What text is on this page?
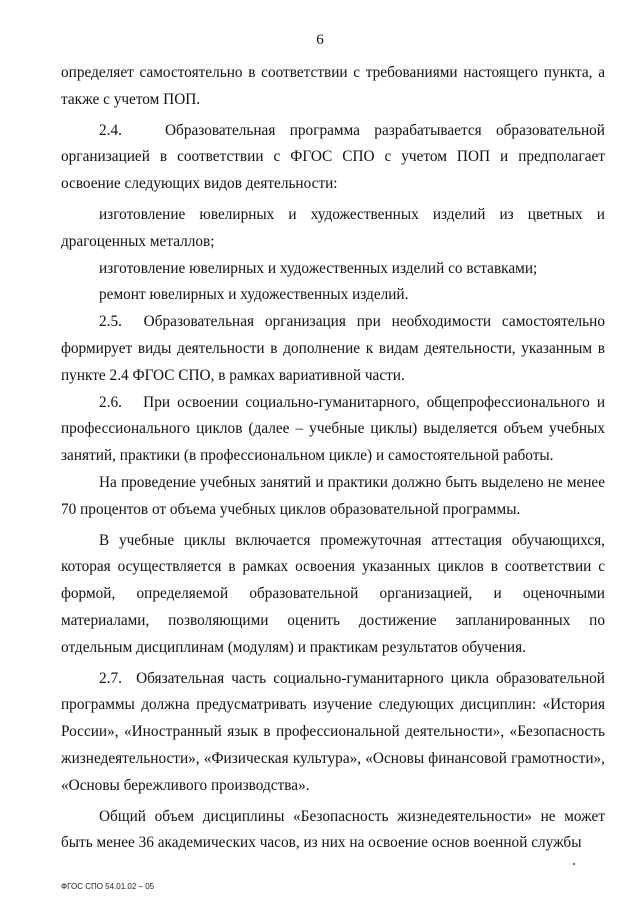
6

определяет самостоятельно в соответствии с требованиями настоящего пункта, а также с учетом ПОП.

2.4.   Образовательная программа разрабатывается образовательной организацией в соответствии с ФГОС СПО с учетом ПОП и предполагает освоение следующих видов деятельности:

изготовление ювелирных и художественных изделий из цветных и драгоценных металлов;

изготовление ювелирных и художественных изделий со вставками;

ремонт ювелирных и художественных изделий.

2.5.  Образовательная организация при необходимости самостоятельно формирует виды деятельности в дополнение к видам деятельности, указанным в пункте 2.4 ФГОС СПО, в рамках вариативной части.

2.6.   При освоении социально-гуманитарного, общепрофессионального и профессионального циклов (далее – учебные циклы) выделяется объем учебных занятий, практики (в профессиональном цикле) и самостоятельной работы.

На проведение учебных занятий и практики должно быть выделено не менее 70 процентов от объема учебных циклов образовательной программы.

В учебные циклы включается промежуточная аттестация обучающихся, которая осуществляется в рамках освоения указанных циклов в соответствии с формой, определяемой образовательной организацией, и оценочными материалами, позволяющими оценить достижение запланированных по отдельным дисциплинам (модулям) и практикам результатов обучения.

2.7.  Обязательная часть социально-гуманитарного цикла образовательной программы должна предусматривать изучение следующих дисциплин: «История России», «Иностранный язык в профессиональной деятельности», «Безопасность жизнедеятельности», «Физическая культура», «Основы финансовой грамотности», «Основы бережливого производства».

Общий объем дисциплины «Безопасность жизнедеятельности» не может быть менее 36 академических часов, из них на освоение основ военной службы

ФГОС СПО 54.01.02 – 05
